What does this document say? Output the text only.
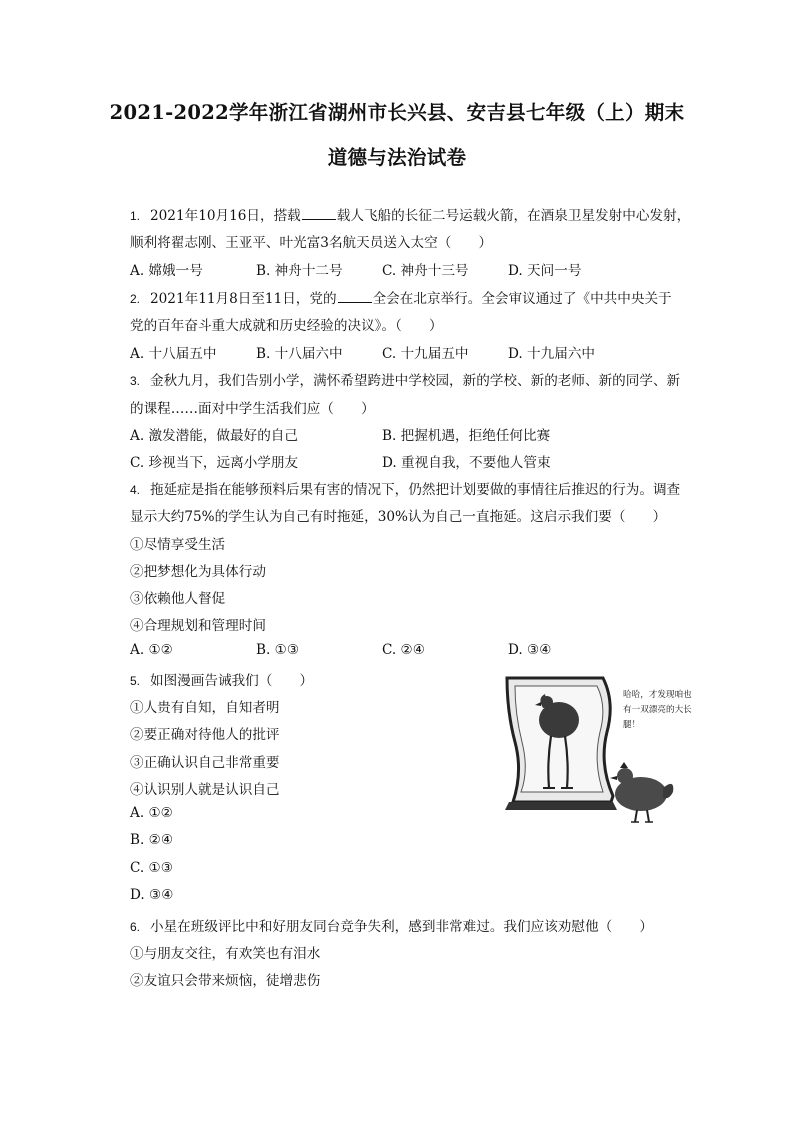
2021-2022学年浙江省湖州市长兴县、安吉县七年级（上）期末
道德与法治试卷
1. 2021年10月16日，搭载	载人飞船的长征二号运载火箭，在酒泉卫星发射中心发射，
顺利将翟志刚、王亚平、叶光富3名航天员送入太空（　　）
A. 嫦娥一号	B. 神舟十二号	C. 神舟十三号	D. 天问一号
2. 2021年11月8日至11日，党的	全会在北京举行。全会审议通过了《中共中央关于
党的百年奋斗重大成就和历史经验的决议》。（　　）
A. 十八届五中	B. 十八届六中	C. 十九届五中	D. 十九届六中
3. 金秋九月，我们告别小学，满怀希望跨进中学校园，新的学校、新的老师、新的同学、新
的课程……面对中学生活我们应（　　）
A. 激发潜能，做最好的自己	B. 把握机遇，拒绝任何比赛
C. 珍视当下，远离小学朋友	D. 重视自我，不要他人管束
4. 拖延症是指在能够预料后果有害的情况下，仍然把计划要做的事情往后推迟的行为。调查
显示大约75%的学生认为自己有时拖延，30%认为自己一直拖延。这启示我们要（　　）
①尽情享受生活
②把梦想化为具体行动
③依赖他人督促
④合理规划和管理时间
A. ①②	B. ①③	C. ②④	D. ③④
5. 如图漫画告诫我们（　　）
①人贵有自知，自知者明
②要正确对待他人的批评
③正确认识自己非常重要
④认识别人就是认识自己
A. ①②
B. ②④
C. ①③
D. ③④
哈哈，才发现咱也有一双漂亮的大长腿！
6. 小星在班级评比中和好朋友同台竞争失利，感到非常难过。我们应该劝慰他（　　）
①与朋友交往，有欢笑也有泪水
②友谊只会带来烦恼，徒增悲伤
